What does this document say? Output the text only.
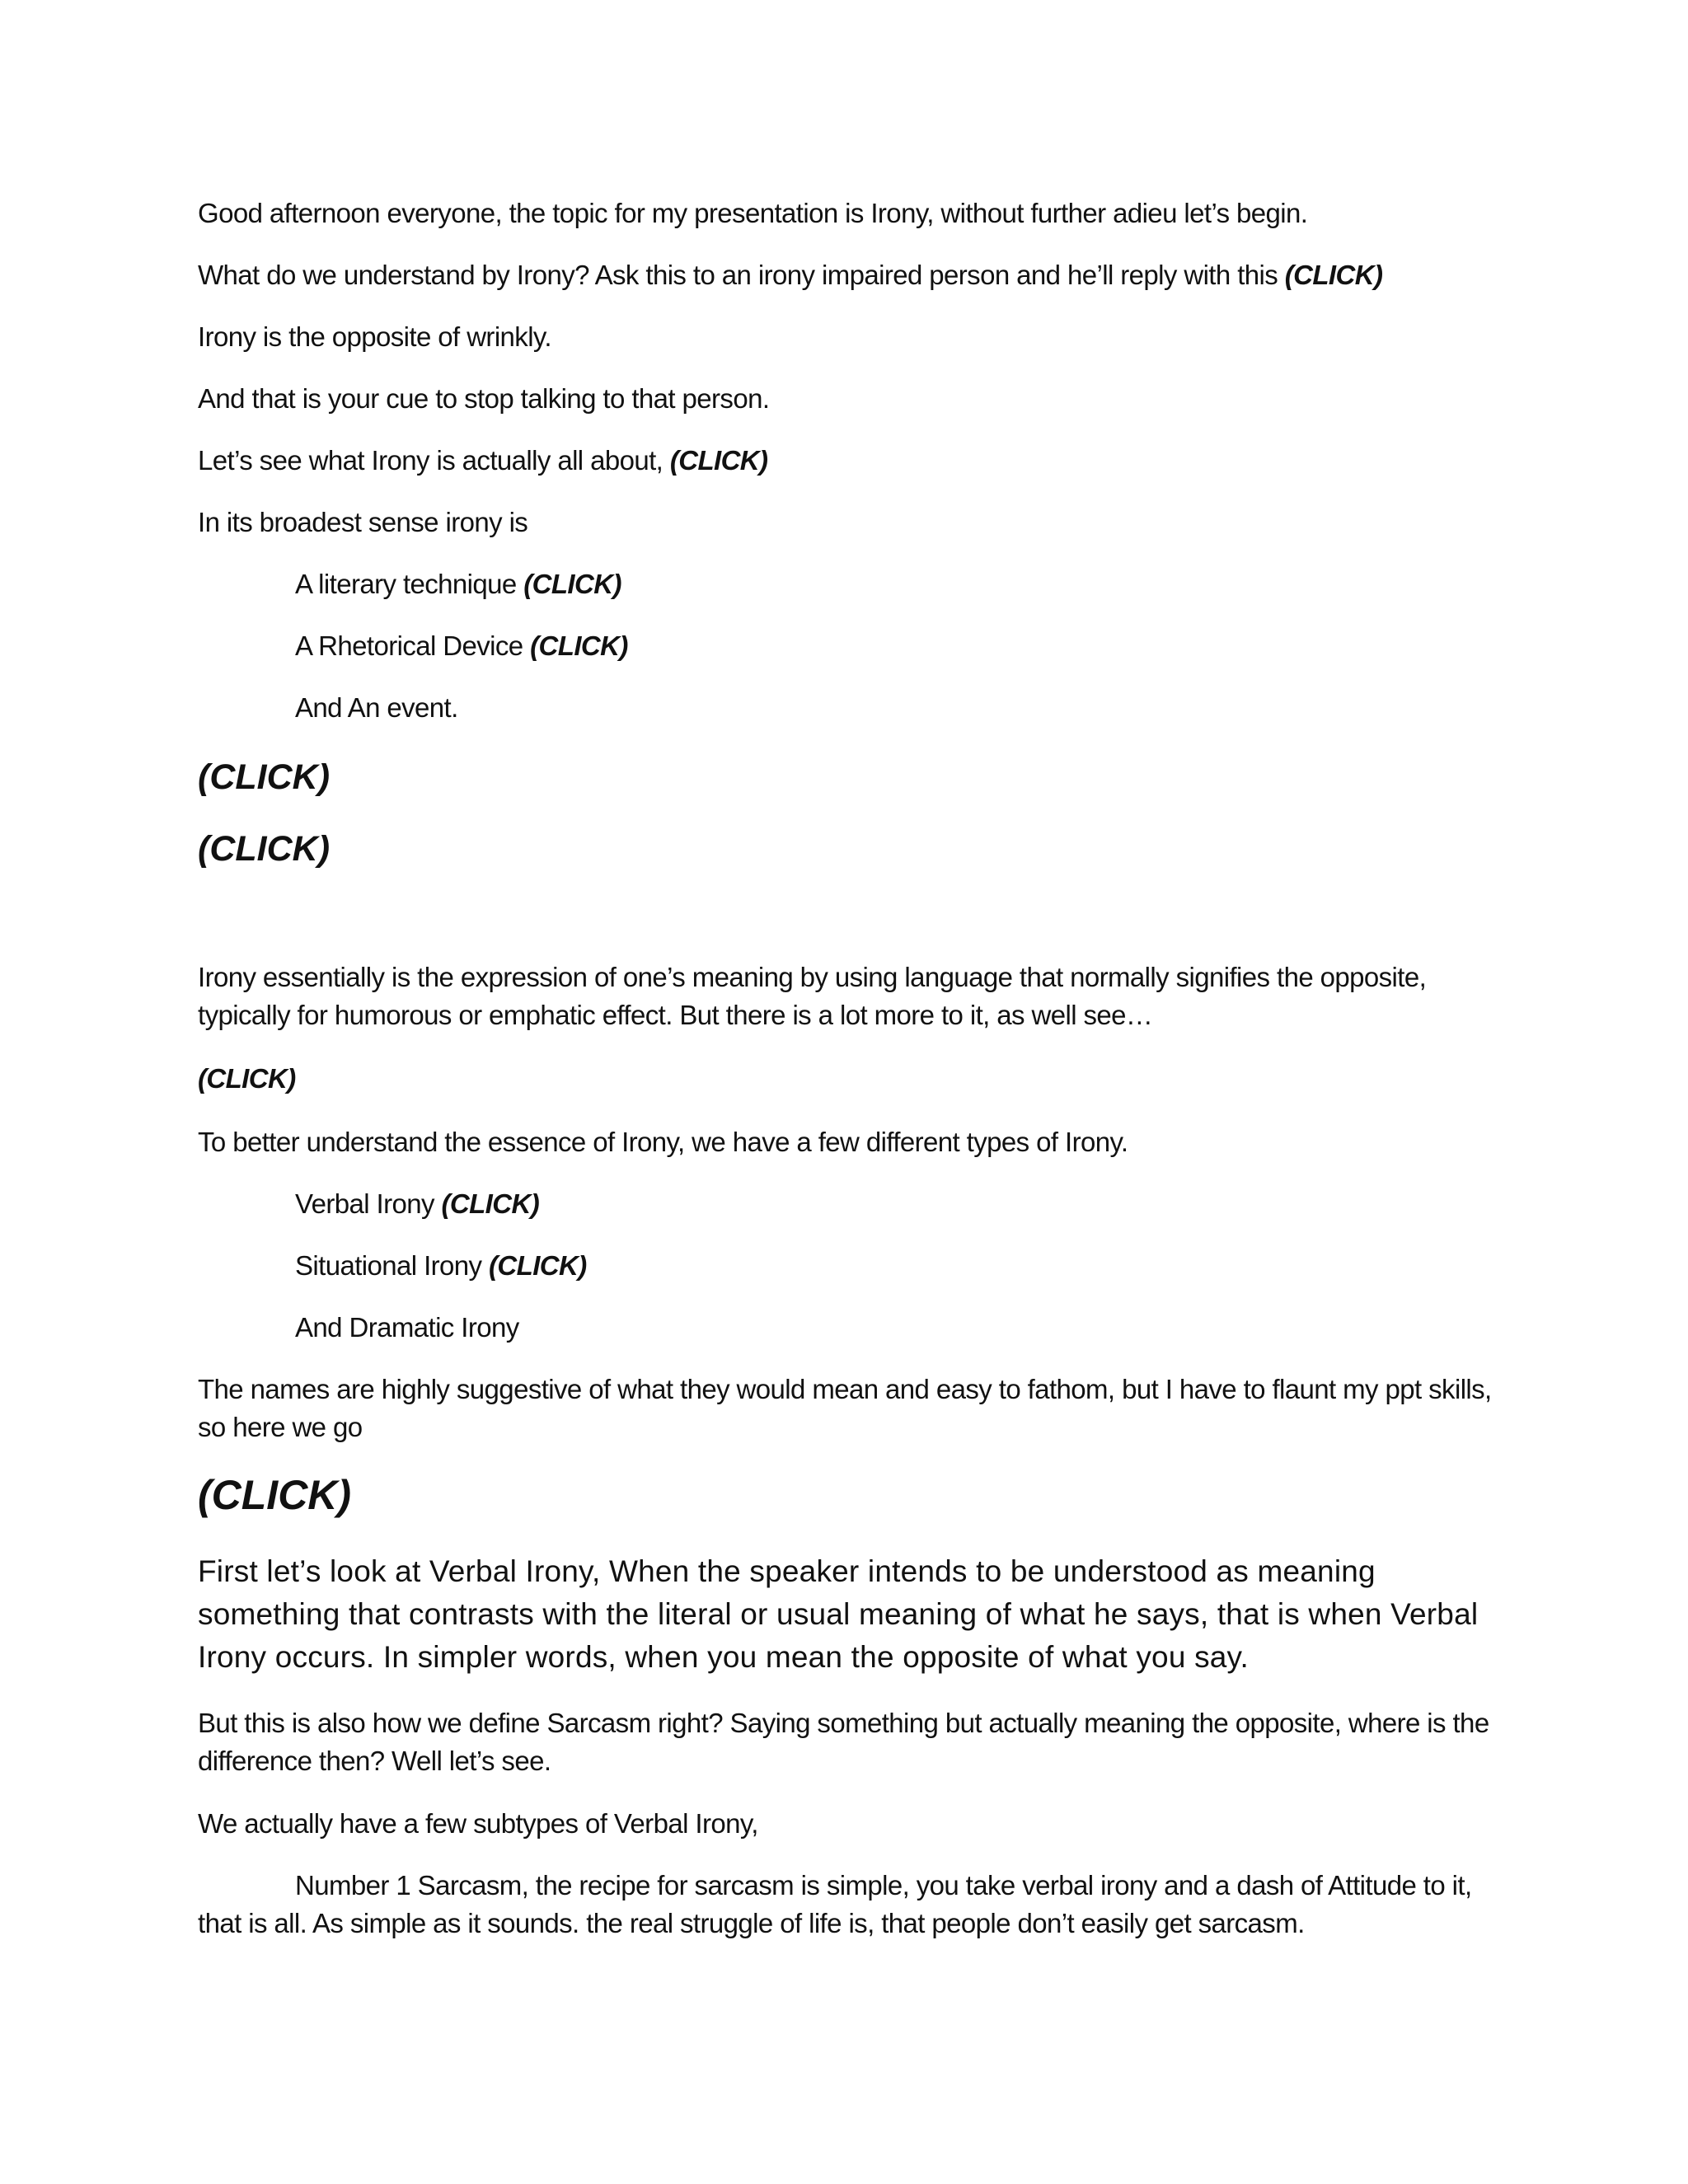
Good afternoon everyone, the topic for my presentation is Irony, without further adieu let’s begin.
What do we understand by Irony? Ask this to an irony impaired person and he’ll reply with this (CLICK)
Irony is the opposite of wrinkly.
And that is your cue to stop talking to that person.
Let’s see what Irony is actually all about, (CLICK)
In its broadest sense irony is
A literary technique (CLICK)
A Rhetorical Device (CLICK)
And An event.
(CLICK)
(CLICK)
Irony essentially is the expression of one’s meaning by using language that normally signifies the opposite, typically for humorous or emphatic effect. But there is a lot more to it, as well see…
(CLICK)
To better understand the essence of Irony, we have a few different types of Irony.
Verbal Irony (CLICK)
Situational Irony (CLICK)
And Dramatic Irony
The names are highly suggestive of what they would mean and easy to fathom, but I have to flaunt my ppt skills, so here we go
(CLICK)
First let’s look at Verbal Irony, When the speaker intends to be understood as meaning something that contrasts with the literal or usual meaning of what he says, that is when Verbal Irony occurs. In simpler words, when you mean the opposite of what you say.
But this is also how we define Sarcasm right? Saying something but actually meaning the opposite, where is the difference then? Well let’s see.
We actually have a few subtypes of Verbal Irony,
Number 1 Sarcasm, the recipe for sarcasm is simple, you take verbal irony and a dash of Attitude to it, that is all. As simple as it sounds. the real struggle of life is, that people don’t easily get sarcasm.
